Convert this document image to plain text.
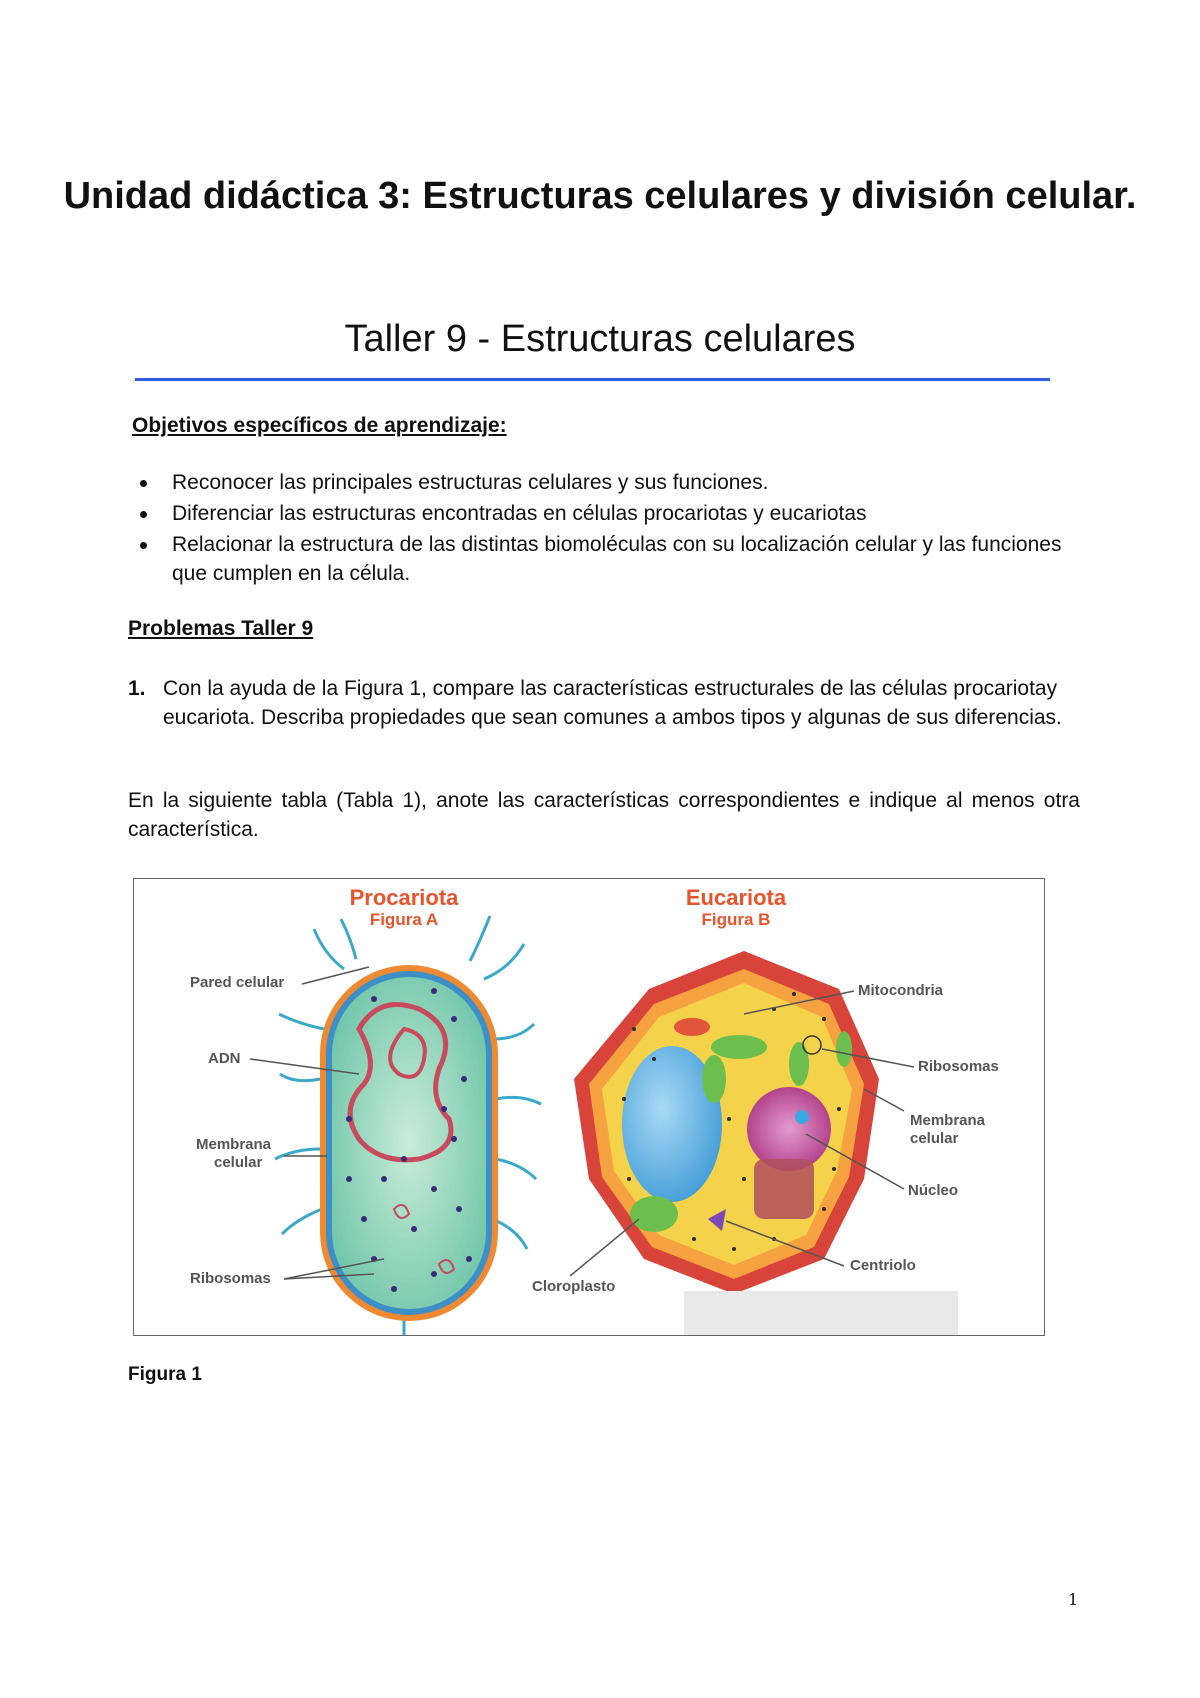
Unidad didáctica 3: Estructuras celulares y división celular.
Taller 9 - Estructuras celulares
Objetivos específicos de aprendizaje:
Reconocer las principales estructuras celulares y sus funciones.
Diferenciar las estructuras encontradas en células procariotas y eucariotas
Relacionar la estructura de las distintas biomoléculas con su localización celular y las funciones que cumplen en la célula.
Problemas Taller 9
1. Con la ayuda de la Figura 1, compare las características estructurales de las células procariotay eucariota. Describa propiedades que sean comunes a ambos tipos y algunas de sus diferencias.
En la siguiente tabla (Tabla 1), anote las características correspondientes e indique al menos otra característica.
Procariota
Figura A
Eucariota
Figura B
Pared celular
ADN
Membrana
celular
Ribosomas
Mitocondria
Ribosomas
Membrana
celular
Núcleo
Centriolo
Cloroplasto
Figura 1
1
